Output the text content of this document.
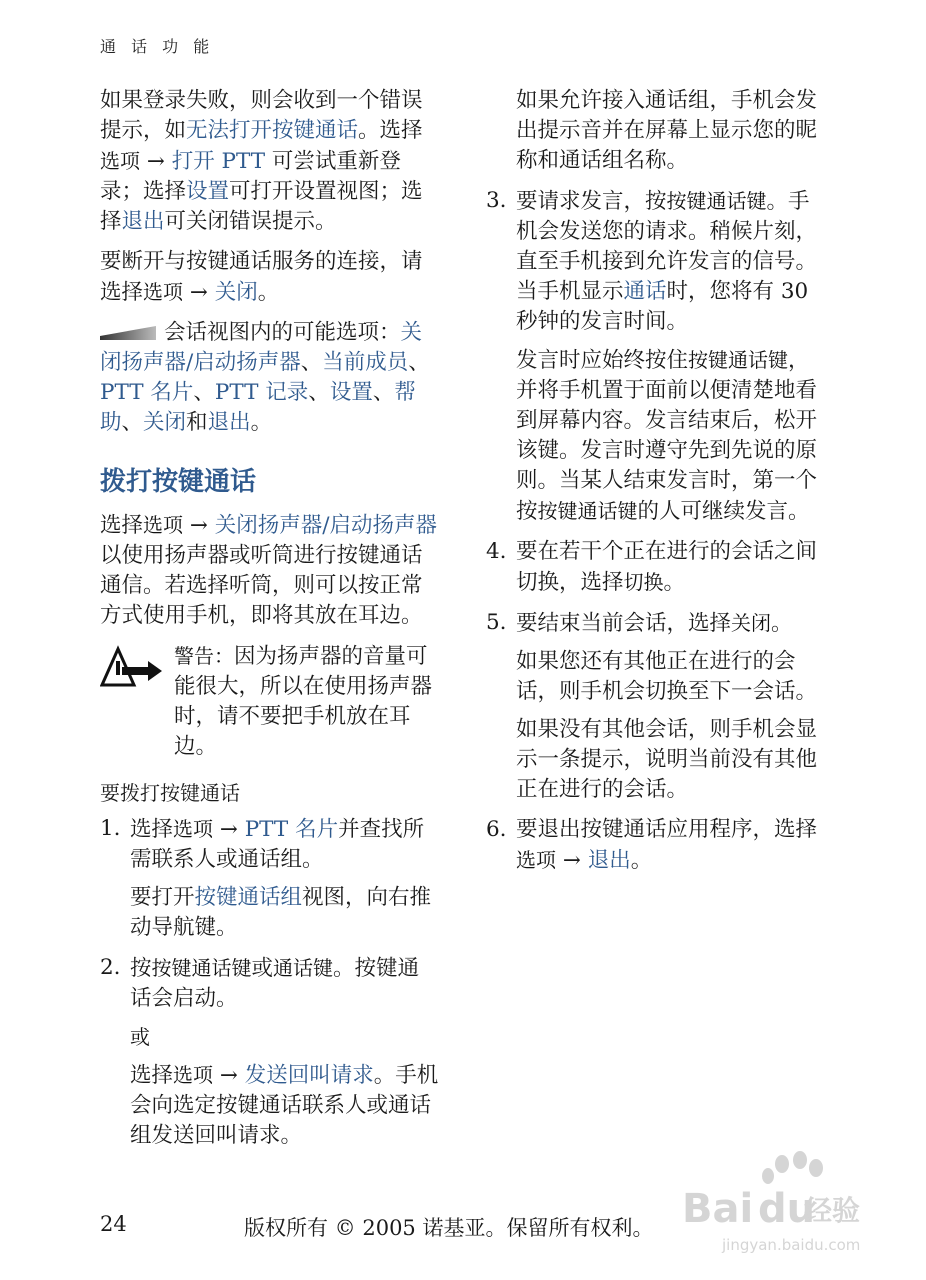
通 话 功 能

如果登录失败，则会收到一个错误提示，如无法打开按键通话。选择选项 → 打开 PTT 可尝试重新登录；选择设置可打开设置视图；选择退出可关闭错误提示。

要断开与按键通话服务的连接，请选择选项 → 关闭。

会话视图内的可能选项：关闭扬声器/启动扬声器、当前成员、PTT 名片、PTT 记录、设置、帮助、关闭和退出。

拨打按键通话

选择选项 → 关闭扬声器/启动扬声器以使用扬声器或听筒进行按键通话通信。若选择听筒，则可以按正常方式使用手机，即将其放在耳边。

警告：因为扬声器的音量可能很大，所以在使用扬声器时，请不要把手机放在耳边。
要拨打按键通话
1. 选择选项 → PTT 名片并查找所需联系人或通话组。
要打开按键通话组视图，向右推动导航键。
2. 按按键通话键或通话键。按键通话会启动。
或
选择选项 → 发送回叫请求。手机会向选定按键通话联系人或通话组发送回叫请求。

如果允许接入通话组，手机会发出提示音并在屏幕上显示您的昵称和通话组名称。

3. 要请求发言，按按键通话键。手机会发送您的请求。稍候片刻，直至手机接到允许发言的信号。当手机显示通话时，您将有 30 秒钟的发言时间。
发言时应始终按住按键通话键，并将手机置于面前以便清楚地看到屏幕内容。发言结束后，松开该键。发言时遵守先到先说的原则。当某人结束发言时，第一个按按键通话键的人可继续发言。
4. 要在若干个正在进行的会话之间切换，选择切换。
5. 要结束当前会话，选择关闭。
如果您还有其他正在进行的会话，则手机会切换至下一会话。
如果没有其他会话，则手机会显示一条提示，说明当前没有其他正在进行的会话。
6. 要退出按键通话应用程序，选择选项 → 退出。
24	版权所有 © 2005 诺基亚。保留所有权利。 Bai du
经验
jingyan.baidu.com
